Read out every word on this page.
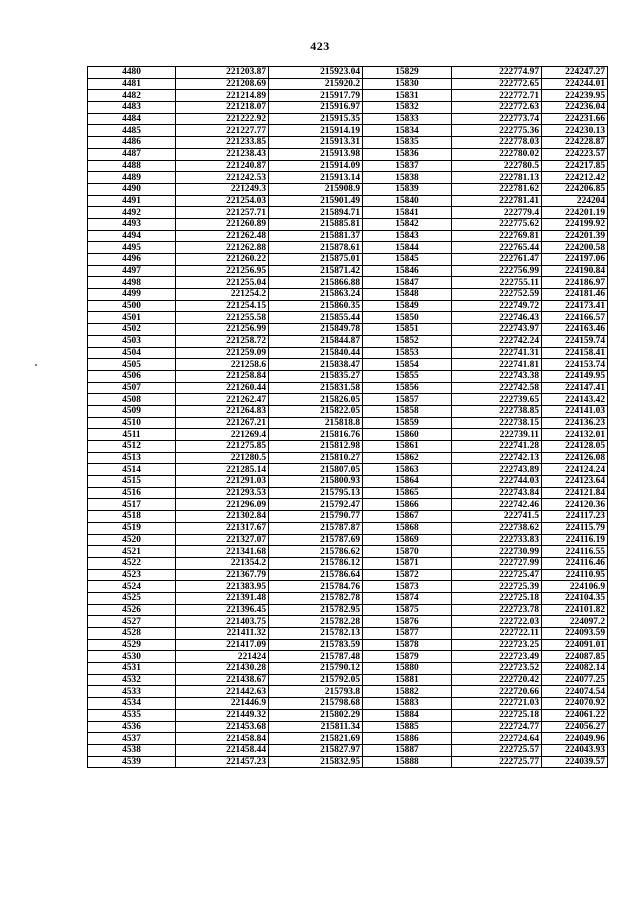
423
4480	221203.87	215923.04	15829	222774.97	224247.27
4481	221208.69	215920.2	15830	222772.65	224244.01
4482	221214.89	215917.79	15831	222772.71	224239.95
4483	221218.07	215916.97	15832	222772.63	224236.04
4484	221222.92	215915.35	15833	222773.74	224231.66
4485	221227.77	215914.19	15834	222775.36	224230.13
4486	221233.85	215913.31	15835	222778.03	224228.87
4487	221238.43	215913.98	15836	222780.02	224223.57
4488	221240.87	215914.09	15837	222780.5	224217.85
4489	221242.53	215913.14	15838	222781.13	224212.42
4490	221249.3	215908.9	15839	222781.62	224206.85
4491	221254.03	215901.49	15840	222781.41	224204
4492	221257.71	215894.71	15841	222779.4	224201.19
4493	221260.89	215885.81	15842	222775.62	224199.92
4494	221262.48	215881.37	15843	222769.81	224201.39
4495	221262.88	215878.61	15844	222765.44	224200.58
4496	221260.22	215875.01	15845	222761.47	224197.06
4497	221256.95	215871.42	15846	222756.99	224190.84
4498	221255.04	215866.88	15847	222755.11	224186.97
4499	221254.2	215863.24	15848	222752.59	224181.46
4500	221254.15	215860.35	15849	222749.72	224173.41
4501	221255.58	215855.44	15850	222746.43	224166.57
4502	221256.99	215849.78	15851	222743.97	224163.46
4503	221258.72	215844.87	15852	222742.24	224159.74
4504	221259.09	215840.44	15853	222741.31	224158.41
4505	221258.6	215838.47	15854	222741.81	224153.74
4506	221258.84	215835.27	15855	222743.38	224149.95
4507	221260.44	215831.58	15856	222742.58	224147.41
4508	221262.47	215826.05	15857	222739.65	224143.42
4509	221264.83	215822.05	15858	222738.85	224141.03
4510	221267.21	215818.8	15859	222738.15	224136.23
4511	221269.4	215816.76	15860	222739.11	224132.01
4512	221275.85	215812.98	15861	222741.28	224128.05
4513	221280.5	215810.27	15862	222742.13	224126.08
4514	221285.14	215807.05	15863	222743.89	224124.24
4515	221291.03	215800.93	15864	222744.03	224123.64
4516	221293.53	215795.13	15865	222743.84	224121.84
4517	221296.09	215792.47	15866	222742.46	224120.36
4518	221302.84	215790.77	15867	222741.5	224117.23
4519	221317.67	215787.87	15868	222738.62	224115.79
4520	221327.07	215787.69	15869	222733.83	224116.19
4521	221341.68	215786.62	15870	222730.99	224116.55
4522	221354.2	215786.12	15871	222727.99	224116.46
4523	221367.79	215786.64	15872	222725.47	224110.95
4524	221383.95	215784.76	15873	222725.39	224106.9
4525	221391.48	215782.78	15874	222725.18	224104.35
4526	221396.45	215782.95	15875	222723.78	224101.82
4527	221403.75	215782.28	15876	222722.03	224097.2
4528	221411.32	215782.13	15877	222722.11	224093.59
4529	221417.09	215783.59	15878	222723.25	224091.01
4530	221424	215787.48	15879	222723.49	224087.85
4531	221430.28	215790.12	15880	222723.52	224082.14
4532	221438.67	215792.05	15881	222720.42	224077.25
4533	221442.63	215793.8	15882	222720.66	224074.54
4534	221446.9	215798.68	15883	222721.03	224070.92
4535	221449.32	215802.29	15884	222725.18	224061.22
4536	221453.68	215811.34	15885	222724.77	224056.27
4537	221458.84	215821.69	15886	222724.64	224049.96
4538	221458.44	215827.97	15887	222725.57	224043.93
4539	221457.23	215832.95	15888	222725.77	224039.57
